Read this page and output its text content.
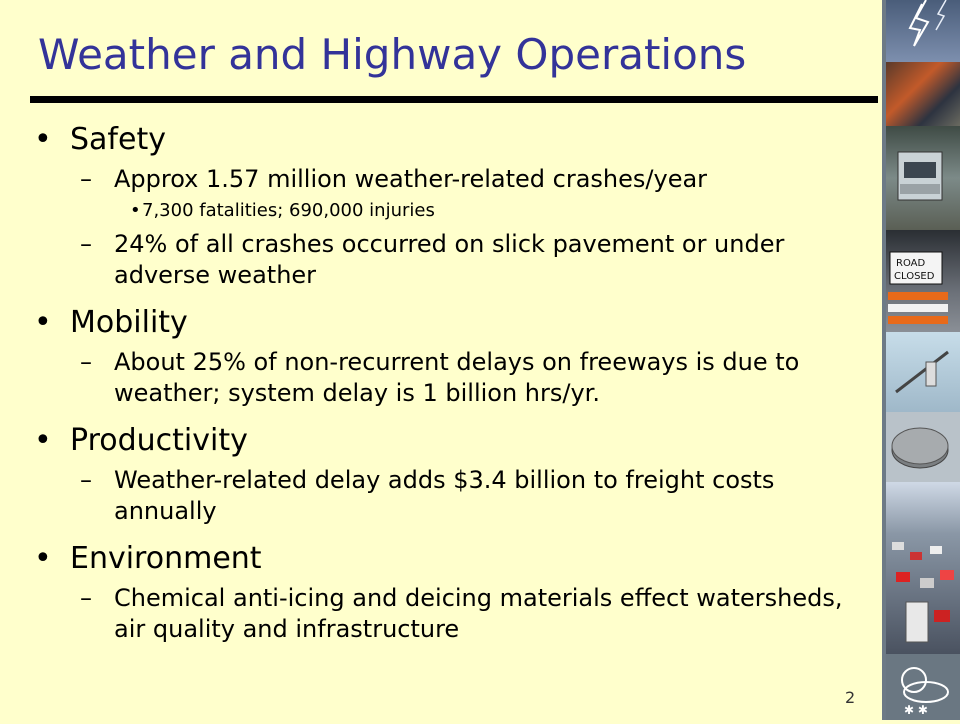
Weather and Highway Operations
• Safety
– Approx 1.57 million weather-related crashes/year
• 7,300 fatalities; 690,000 injuries
– 24% of all crashes occurred on slick pavement or under adverse weather
• Mobility
– About 25% of non-recurrent delays on freeways is due to weather; system delay is 1 billion hrs/yr.
• Productivity
– Weather-related delay adds $3.4 billion to freight costs annually
• Environment
– Chemical anti-icing and deicing materials effect watersheds, air quality and infrastructure
2
ROAD
CLOSED
✱ ✱
